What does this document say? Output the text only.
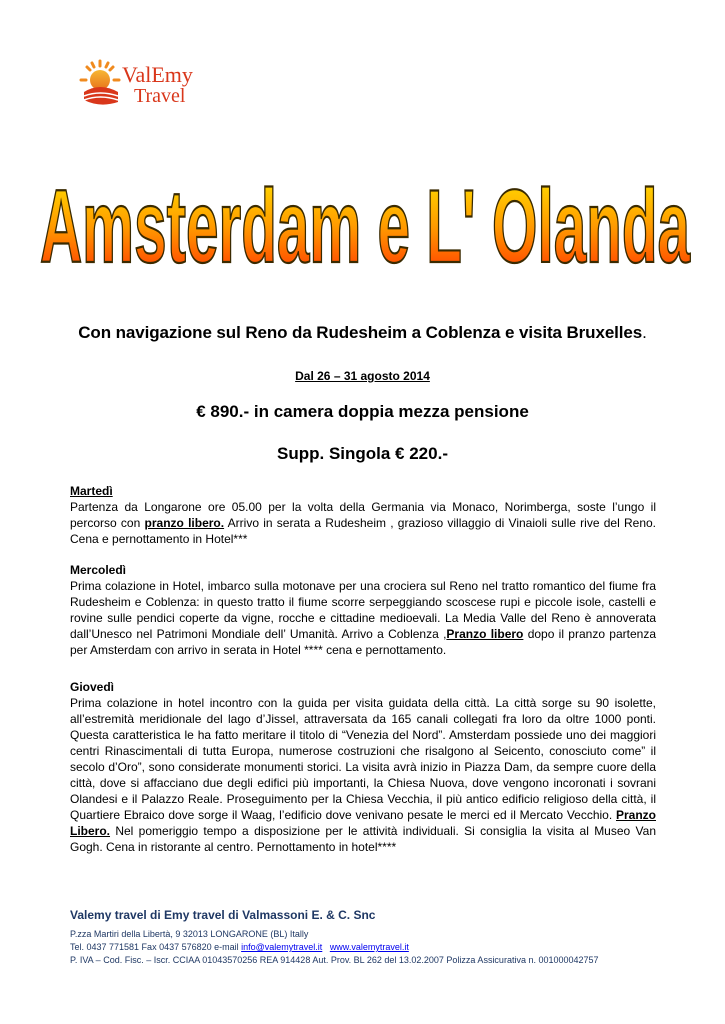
ValEmy
Travel
Amsterdam e L' Olanda
Con navigazione sul Reno da Rudesheim a Coblenza e visita Bruxelles.
Dal 26 – 31 agosto 2014
€ 890.- in camera doppia mezza pensione
Supp. Singola € 220.-
Martedì
Partenza da Longarone ore 05.00 per la volta della Germania via Monaco, Norimberga, soste l’ungo il percorso con pranzo libero. Arrivo in serata a Rudesheim , grazioso villaggio di Vinaioli sulle rive del Reno. Cena e pernottamento in Hotel***
Mercoledì
Prima colazione in Hotel, imbarco sulla motonave per una crociera sul Reno nel tratto romantico del fiume fra Rudesheim e Coblenza: in questo tratto il fiume scorre serpeggiando scoscese rupi e piccole isole, castelli e rovine sulle pendici coperte da vigne, rocche e cittadine medioevali. La Media Valle del Reno è annoverata dall’Unesco nel Patrimoni Mondiale dell’ Umanità. Arrivo a Coblenza ,Pranzo libero dopo il pranzo partenza per Amsterdam con arrivo in serata in Hotel **** cena e pernottamento.
Giovedì
Prima colazione in hotel incontro con la guida per visita guidata della città. La città sorge su 90 isolette, all’estremità meridionale del lago d’Jissel, attraversata da 165 canali collegati fra loro da oltre 1000 ponti. Questa caratteristica le ha fatto meritare il titolo di “Venezia del Nord”. Amsterdam possiede uno dei maggiori centri Rinascimentali di tutta Europa, numerose costruzioni che risalgono al Seicento, conosciuto come” il secolo d’Oro”, sono considerate monumenti storici. La visita avrà inizio in Piazza Dam, da sempre cuore della città, dove si affacciano due degli edifici più importanti, la Chiesa Nuova, dove vengono incoronati i sovrani Olandesi e il Palazzo Reale. Proseguimento per la Chiesa Vecchia, il più antico edificio religioso della città, il Quartiere Ebraico dove sorge il Waag, l’edificio dove venivano pesate le merci ed il Mercato Vecchio. Pranzo Libero. Nel pomeriggio tempo a disposizione per le attività individuali. Si consiglia la visita al Museo Van Gogh. Cena in ristorante al centro. Pernottamento in hotel****
Valemy travel di Emy travel di Valmassoni E. & C. Snc
P.zza Martiri della Libertà, 9 32013 LONGARONE (BL) Itally
Tel. 0437 771581 Fax 0437 576820 e-mail info@valemytravel.it www.valemytravel.it
P. IVA – Cod. Fisc. – Iscr. CCIAA 01043570256 REA 914428 Aut. Prov. BL 262 del 13.02.2007 Polizza Assicurativa n. 001000042757
